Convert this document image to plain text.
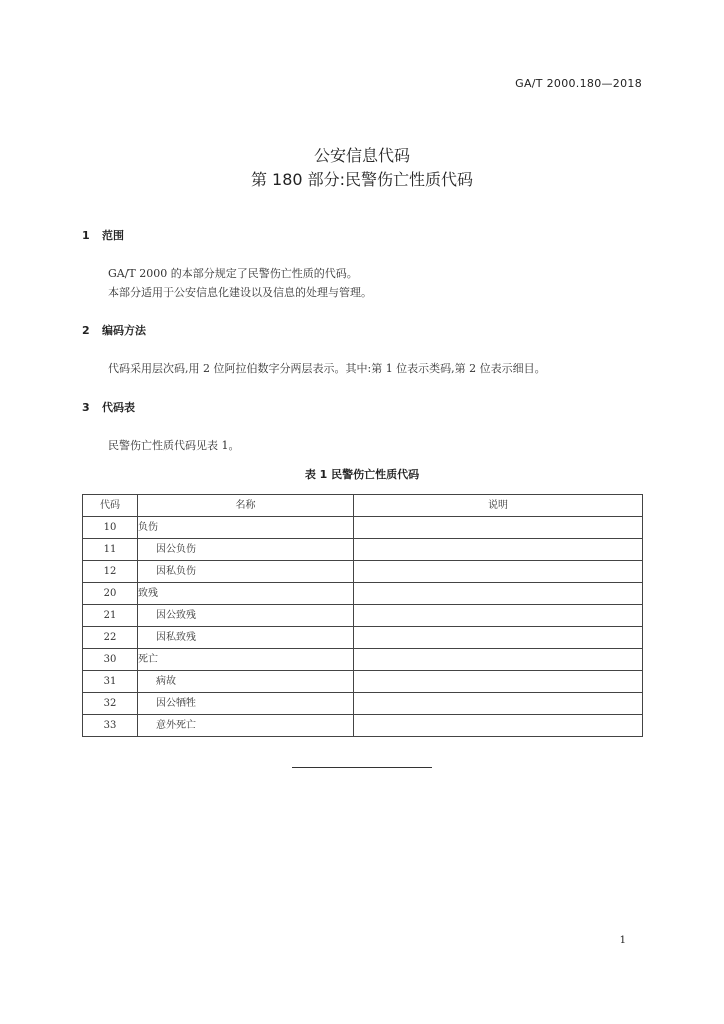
GA/T 2000.180—2018
公安信息代码
第 180 部分:民警伤亡性质代码
1 范围
GA/T 2000 的本部分规定了民警伤亡性质的代码。
本部分适用于公安信息化建设以及信息的处理与管理。
2 编码方法
代码采用层次码,用 2 位阿拉伯数字分两层表示。其中:第 1 位表示类码,第 2 位表示细目。
3 代码表
民警伤亡性质代码见表 1。
表 1 民警伤亡性质代码
代码	名称	说明
10	负伤	
11	因公负伤	
12	因私负伤	
20	致残	
21	因公致残	
22	因私致残	
30	死亡	
31	病故	
32	因公牺牲	
33	意外死亡	
1
